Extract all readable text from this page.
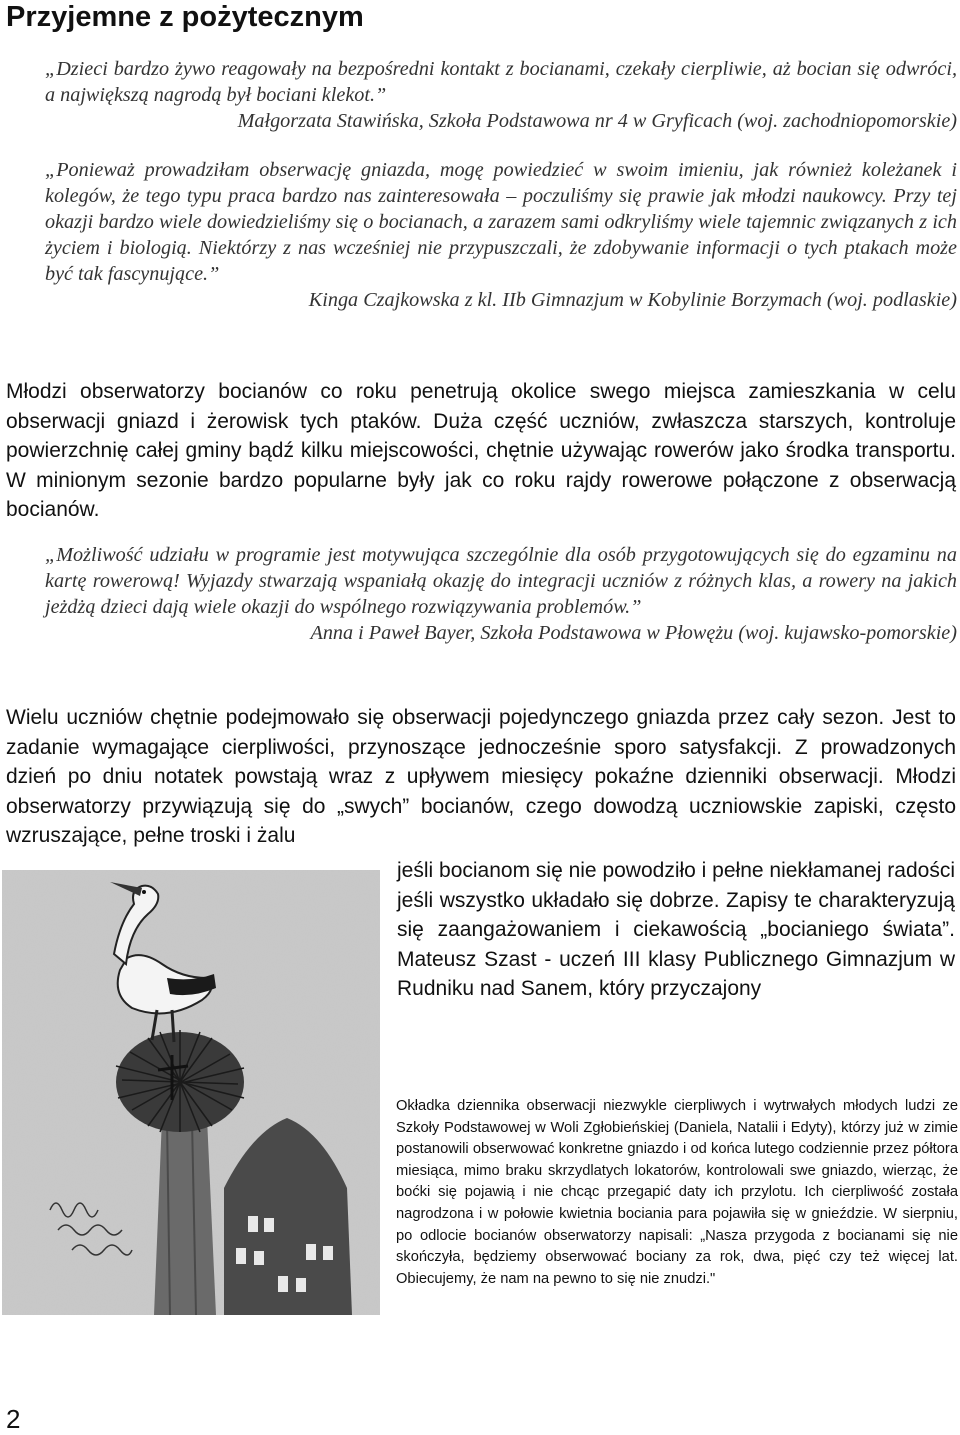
Przyjemne z pożytecznym
„Dzieci bardzo żywo reagowały na bezpośredni kontakt z bocianami, czekały cierpliwie, aż bocian się odwróci, a największą nagrodą był bociani klekot.”
Małgorzata Stawińska, Szkoła Podstawowa nr 4 w Gryficach (woj. zachodniopomorskie)
„Ponieważ prowadziłam obserwację gniazda, mogę powiedzieć w swoim imieniu, jak również koleżanek i kolegów, że tego typu praca bardzo nas zainteresowała – poczuliśmy się prawie jak młodzi naukowcy. Przy tej okazji bardzo wiele dowiedzieliśmy się o bocianach, a zarazem sami odkryliśmy wiele tajemnic związanych z ich życiem i biologią. Niektórzy z nas wcześniej nie przypuszczali, że zdobywanie informacji o tych ptakach może być tak fascynujące.”
Kinga Czajkowska z kl. IIb Gimnazjum w Kobylinie Borzymach (woj. podlaskie)

Młodzi obserwatorzy bocianów co roku penetrują okolice swego miejsca zamieszkania w celu obserwacji gniazd i żerowisk tych ptaków. Duża część uczniów, zwłaszcza starszych, kontroluje powierzchnię całej gminy bądź kilku miejscowości, chętnie używając rowerów jako środka transportu. W minionym sezonie bardzo popularne były jak co roku rajdy rowerowe połączone z obserwacją bocianów.

„Możliwość udziału w programie jest motywująca szczególnie dla osób przygotowujących się do egzaminu na kartę rowerową! Wyjazdy stwarzają wspaniałą okazję do integracji uczniów z różnych klas, a rowery na jakich jeżdżą dzieci dają wiele okazji do wspólnego rozwiązywania problemów.”
Anna i Paweł Bayer, Szkoła Podstawowa w Płowężu (woj. kujawsko-pomorskie)

Wielu uczniów chętnie podejmowało się obserwacji pojedynczego gniazda przez cały sezon. Jest to zadanie wymagające cierpliwości, przynoszące jednocześnie sporo satysfakcji. Z prowadzonych dzień po dniu notatek powstają wraz z upływem miesięcy pokaźne dzienniki obserwacji. Młodzi obserwatorzy przywiązują się do „swych” bocianów, czego dowodzą uczniowskie zapiski, często wzruszające, pełne troski i żalu

jeśli bocianom się nie powodziło i pełne niekłamanej radości jeśli wszystko układało się dobrze. Zapisy te charakteryzują się zaangażowaniem i ciekawością „bocianiego świata”. Mateusz Szast - uczeń III klasy Publicznego Gimnazjum w Rudniku nad Sanem, który przyczajony

Okładka dziennika obserwacji niezwykle cierpliwych i wytrwałych młodych ludzi ze Szkoły Podstawowej w Woli Zgłobieńskiej (Daniela, Natalii i Edyty), którzy już w zimie postanowili obserwować konkretne gniazdo i od końca lutego codziennie przez półtora miesiąca, mimo braku skrzydlatych lokatorów, kontrolowali swe gniazdo, wierząc, że boćki się pojawią i nie chcąc przegapić daty ich przylotu. Ich cierpliwość została nagrodzona i w połowie kwietnia bociania para pojawiła się w gnieździe. W sierpniu, po odlocie bocianów obserwatorzy napisali: „Nasza przygoda z bocianami się nie skończyła, będziemy obserwować bociany za rok, dwa, pięć czy też więcej lat. Obiecujemy, że nam na pewno to się nie znudzi."

2
